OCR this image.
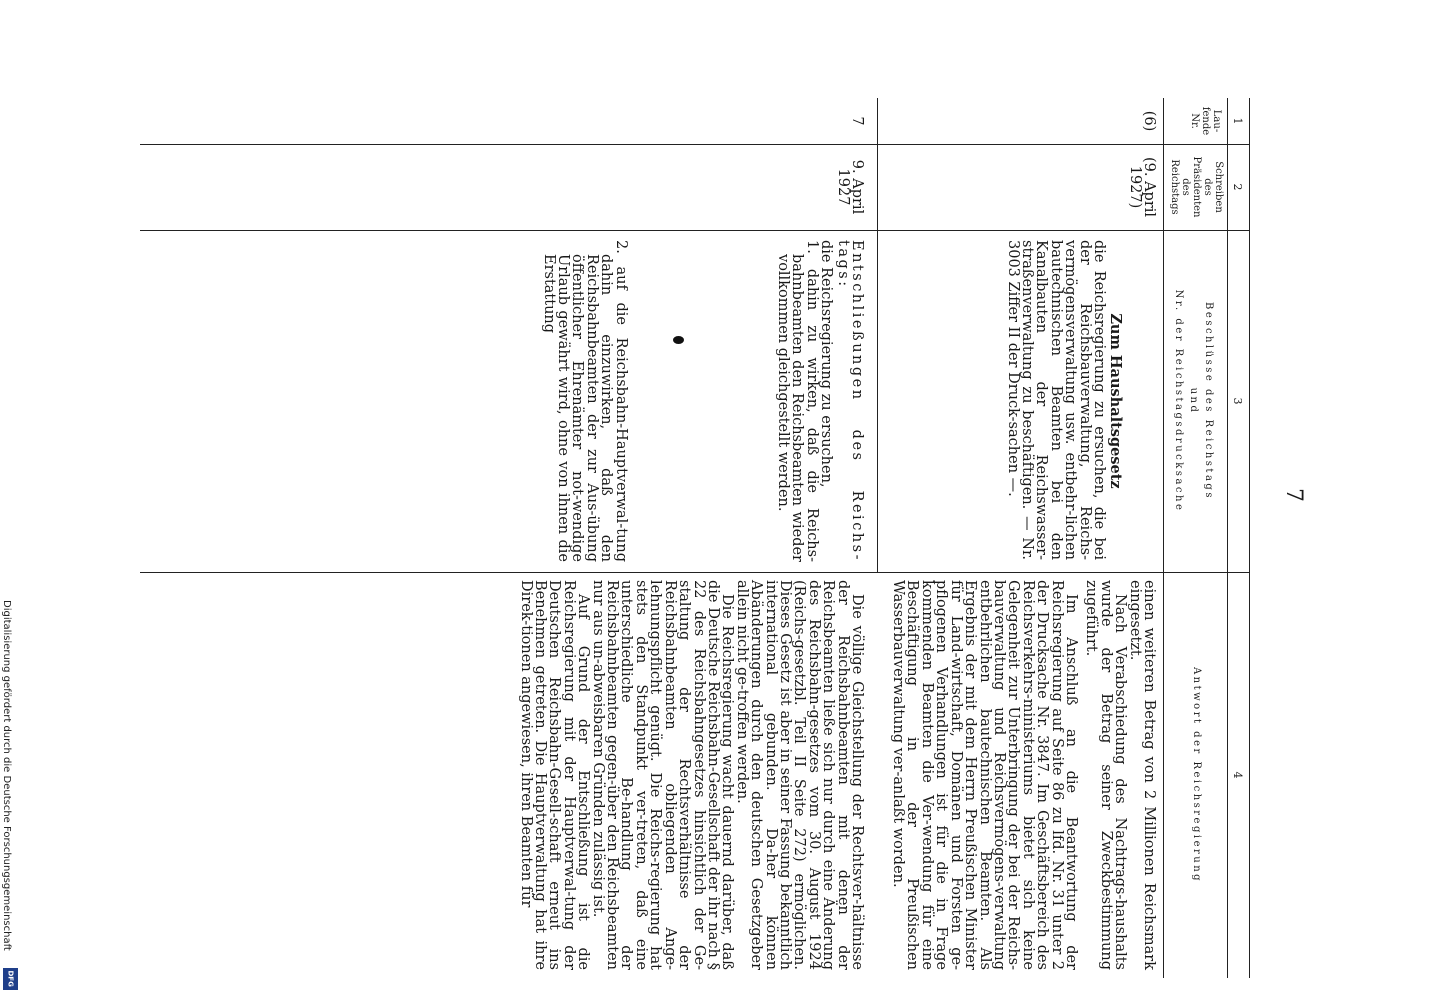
Digitalisierung gefördert durch die Deutsche Forschungsgemeinschaft
DFG
7
1
2
3
4
Lau-
fende
Nr.
Schreiben
des
Präsidenten
des
Reichstags
Beschlüsse des Reichstags
und
Nr. der Reichstagsdrucksache
Antwort der Reichsregierung
(6)
(9. April
1927)
Zum Haushaltsgesetz
die Reichsregierung zu ersuchen, die bei der Reichsbauverwaltung, Reichs-vermögensverwaltung usw. entbehr-lichen bautechnischen Beamten bei den Kanalbauten der Reichswasser-straßenverwaltung zu beschäftigen. — Nr. 3003 Ziffer II der Druck-sachen —.

einen weiteren Betrag von 2 Millionen Reichsmark eingesetzt.

Nach Verabschiedung des Nachtrags-haushalts wurde der Betrag seiner Zweckbestimmung zugeführt.

Im Anschluß an die Beantwortung der Reichsregierung auf Seite 86 zu lfd. Nr. 31 unter 2 der Drucksache Nr. 3847. Im Geschäftsbereich des Reichsverkehrs-ministeriums bietet sich keine Gelegenheit zur Unterbringung der bei der Reichs-bauverwaltung und Reichsvermögens-verwaltung entbehrlichen bautechnischen Beamten. Als Ergebnis der mit dem Herrn Preußischen Minister für Land-wirtschaft, Domänen und Forsten ge-pflogenen Verhandlungen ist für die in Frage kommenden Beamten die Ver-wendung für eine Beschäftigung in der Preußischen Wasserbauverwaltung ver-anlaßt worden.

7
9. April
1927

Entschließungen des Reichs-tags:

die Reichsregierung zu ersuchen,

1. dahin zu wirken, daß die Reichs-bahnbeamten den Reichsbeamten wieder vollkommen gleichgestellt werden.

2. auf die Reichsbahn-Hauptverwal-tung dahin einzuwirken, daß den Reichsbahnbeamten der zur Aus-übung öffentlicher Ehrenämter not-wendige Urlaub gewährt wird, ohne von ihnen die Erstattung

Die völlige Gleichstellung der Rechtsver-hältnisse der Reichsbahnbeamten mit denen der Reichsbeamten ließe sich nur durch eine Änderung des Reichsbahn-gesetzes vom 30. August 1924 (Reichs-gesetzbl. Teil II Seite 272) ermöglichen. Dieses Gesetz ist aber in seiner Fassung bekanntlich international gebunden. Da-her können Abänderungen durch den deutschen Gesetzgeber allein nicht ge-troffen werden.

Die Reichsregierung wacht dauernd darüber, daß die Deutsche Reichsbahn-Gesellschaft der ihr nach § 22 des Reichsbahngesetzes hinsichtlich der Ge-staltung der Rechtsverhältnisse der Reichsbahnbeamten obliegenden Ange-lehnungspflicht genügt. Die Reichs-regierung hat stets den Standpunkt ver-treten, daß eine unterschiedliche Be-handlung der Reichsbahnbeamten gegen-über den Reichsbeamten nur aus un-abweisbaren Gründen zulässig ist.

Auf Grund der Entschließung ist die Reichsregierung mit der Hauptverwal-tung der Deutschen Reichsbahn-Gesell-schaft erneut ins Benehmen getreten. Die Hauptverwaltung hat ihre Direk-tionen angewiesen, ihren Beamten für
